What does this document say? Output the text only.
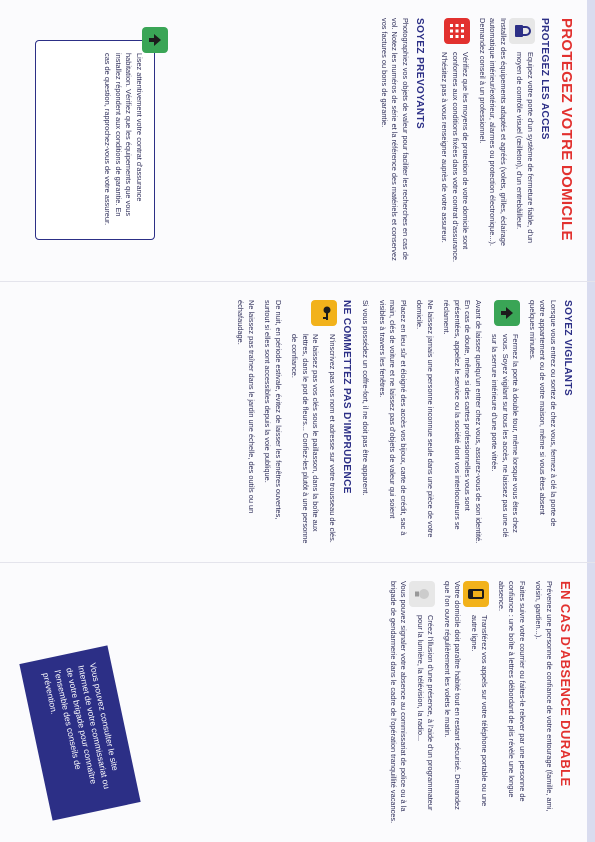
PROTEGEZ VOTRE DOMICILE
PROTEGEZ LES ACCES

Equipez votre porte d'un système de fermeture fiable, d'un moyen de contrôle visuel (œilleton), d'un entrebâilleur.

Installez des équipements adaptés et agréés (volets, grilles, éclairage automatique intérieur/extérieur, alarmes ou protection électronique...). Demandez conseil à un professionnel.

Vérifiez que les moyens de protection de votre domicile sont conformes aux conditions fixées dans votre contrat d'assurance. N'hésitez pas à vous renseigner auprès de votre assureur.

SOYEZ PREVOYANTS

Photographiez vos objets de valeur pour faciliter les recherches en cas de vol. Notez les numéros de série et la référence des matériels et conservez vos factures ou bons de garantie.

Lisez attentivement votre contrat d'assurance habitation. Vérifiez que les équipements que vous installez répondent aux conditions de garantie. En cas de question, rapprochez-vous de votre assureur.

SOYEZ VIGILANTS

Lorsque vous entrez ou sortez de chez vous, fermez à clé la porte de votre appartement ou de votre maison, même si vous êtes absent quelques minutes.

Fermez la porte à double tour, même lorsque vous êtes chez vous. Soyez vigilant sur tous les accès, ne laissez pas une clé sur la serrure intérieure d'une porte vitrée.

Avant de laisser quelqu'un entrer chez vous, assurez-vous de son identité. En cas de doute, même si des cartes professionnelles vous sont présentées, appelez le service ou la société dont vos interlocuteurs se réclament.

Ne laissez jamais une personne inconnue seule dans une pièce de votre domicile.

Placez en lieu sûr et éloigné des accès vos bijoux, carte de crédit, sac à main, clés de voiture et ne laissez pas d'objets de valeur qui soient visibles à travers les fenêtres.

Si vous possédez un coffre-fort, il ne doit pas être apparent.

NE COMMETTEZ PAS D'IMPRUDENCE

N'inscrivez pas vos nom et adresse sur votre trousseau de clés.

Ne laissez pas vos clés sous le paillasson, dans la boîte aux lettres, dans le pot de fleurs... Confiez-les plutôt à une personne de confiance.

De nuit, en période estivale, évitez de laisser les fenêtres ouvertes, surtout si elles sont accessibles depuis la voie publique.

Ne laissez pas traîner dans le jardin une échelle, des outils ou un échafaudage.

EN CAS D'ABSENCE DURABLE

Prévenez une personne de confiance de votre entourage (famille, ami, voisin, gardien...).

Faites suivre votre courrier ou faites-le relever par une personne de confiance : une boîte à lettres débordant de plis révèle une longue absence.

Transférez vos appels sur votre téléphone portable ou une autre ligne.

Votre domicile doit paraître habité tout en restant sécurisé. Demandez que l'on ouvre régulièrement les volets le matin.

Créez l'illusion d'une présence, à l'aide d'un programmateur pour la lumière, la télévision, la radio...

Vous pouvez signaler votre absence au commissariat de police ou à la brigade de gendarmerie dans le cadre de l'opération tranquillité vacances.

Vous pouvez consulter le site Internet de votre commissariat ou de votre brigade pour connaître l'ensemble des conseils de prévention.
